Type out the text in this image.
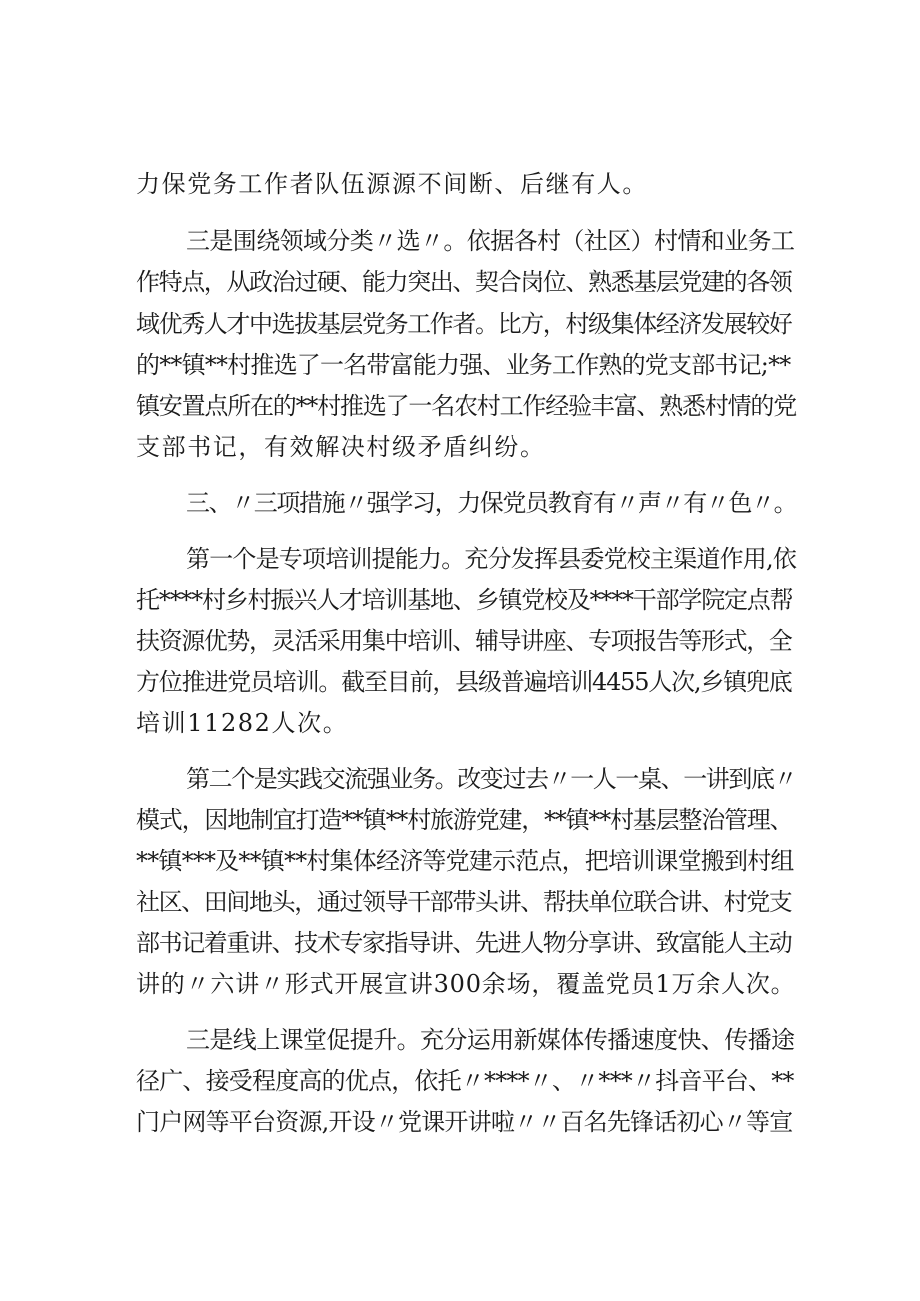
力保党务工作者队伍源源不间断、后继有人。
三是围绕领域分类〃选〃。依据各村（社区）村情和业务工
作特点，从政治过硬、能力突出、契合岗位、熟悉基层党建的各领
域优秀人才中选拔基层党务工作者。比方，村级集体经济发展较好
的**镇**村推选了一名带富能力强、业务工作熟的党支部书记;**
镇安置点所在的**村推选了一名农村工作经验丰富、熟悉村情的党
支部书记，有效解决村级矛盾纠纷。
三、〃三项措施〃强学习，力保党员教育有〃声〃有〃色〃。
第一个是专项培训提能力。充分发挥县委党校主渠道作用,依
托****村乡村振兴人才培训基地、乡镇党校及****干部学院定点帮
扶资源优势，灵活采用集中培训、辅导讲座、专项报告等形式，全
方位推进党员培训。截至目前，县级普遍培训4455人次,乡镇兜底
培训11282人次。
第二个是实践交流强业务。改变过去〃一人一桌、一讲到底〃
模式，因地制宜打造**镇**村旅游党建，**镇**村基层整治管理、
**镇***及**镇**村集体经济等党建示范点，把培训课堂搬到村组
社区、田间地头，通过领导干部带头讲、帮扶单位联合讲、村党支
部书记着重讲、技术专家指导讲、先进人物分享讲、致富能人主动
讲的〃六讲〃形式开展宣讲300余场，覆盖党员1万余人次。
三是线上课堂促提升。充分运用新媒体传播速度快、传播途
径广、接受程度高的优点，依托〃****〃、〃***〃抖音平台、**
门户网等平台资源,开设〃党课开讲啦〃〃百名先锋话初心〃等宣
